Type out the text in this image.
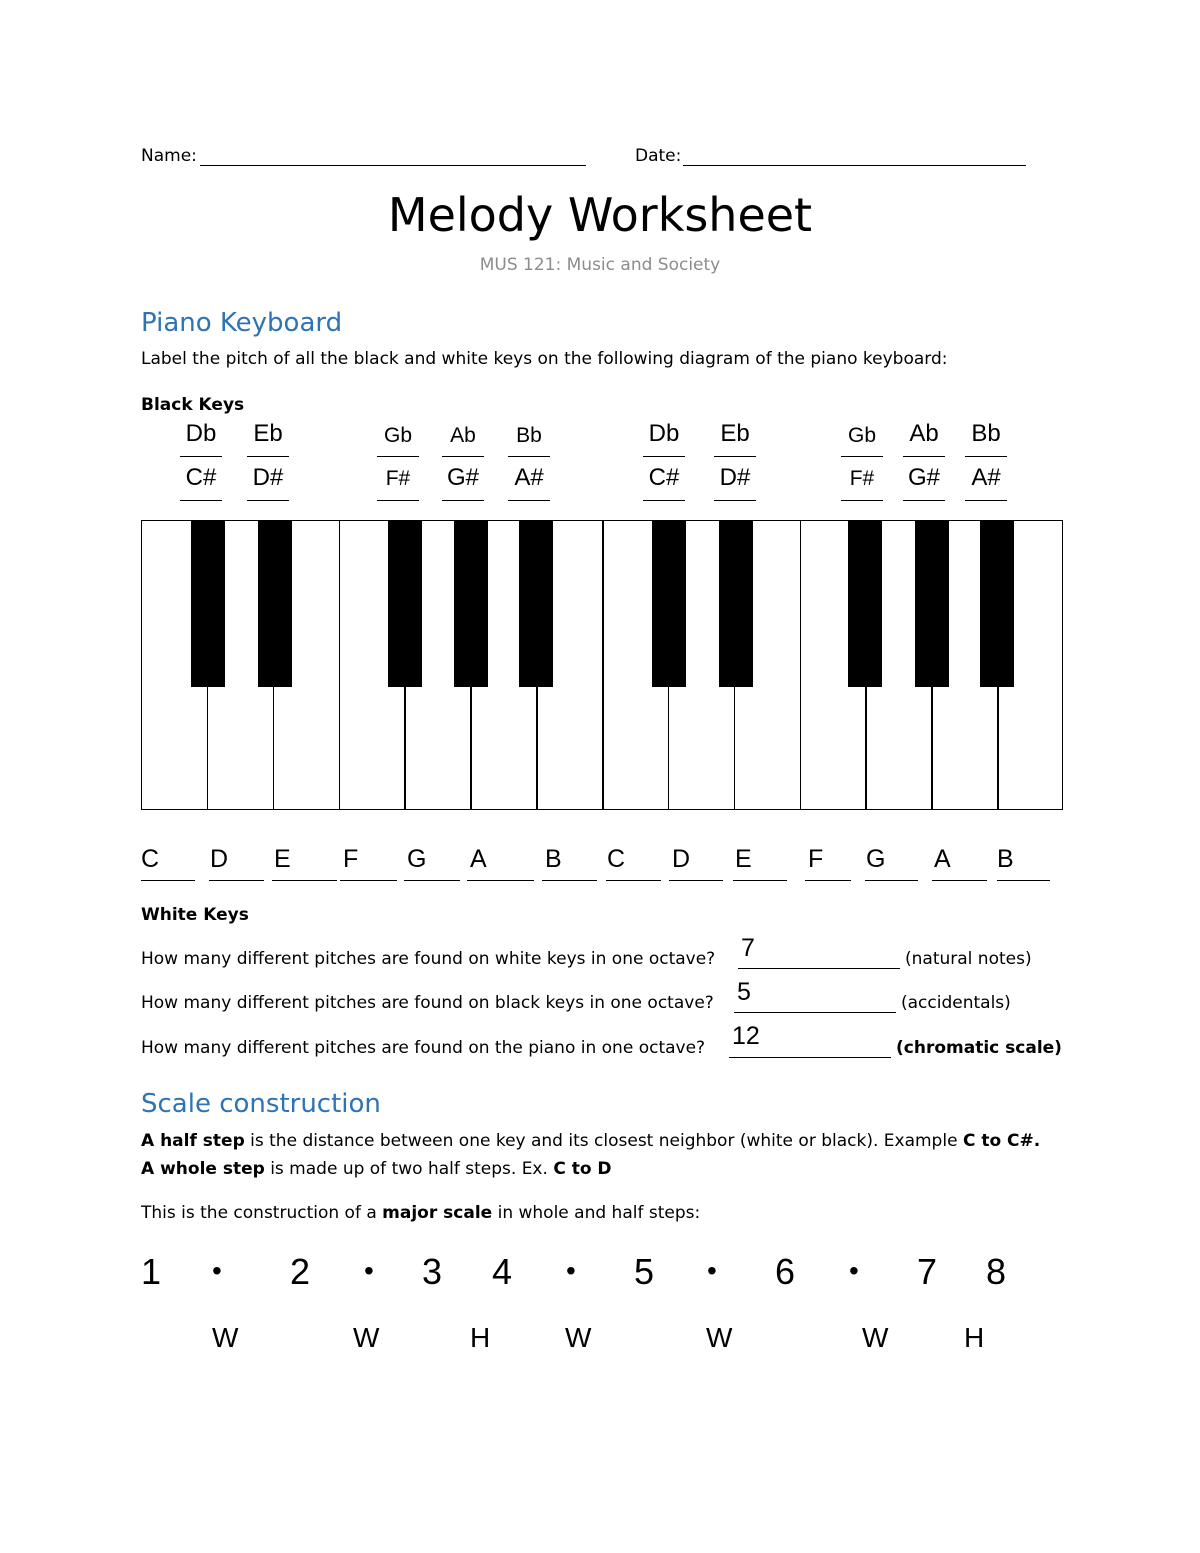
Name:	Date:
Melody Worksheet
MUS 121: Music and Society
Piano Keyboard
Label the pitch of all the black and white keys on the following diagram of the piano keyboard:
Black Keys
Db
C#
Eb
D#
Gb
F#
Ab
G#
Bb
A#
Db
C#
Eb
D#
Gb
F#
Ab
G#
Bb
A#
C D E F G A B C D E F G A B
White Keys
How many different pitches are found on white keys in one octave? 7	(natural notes)
How many different pitches are found on black keys in one octave? 5	(accidentals)
How many different pitches are found on the piano in one octave? 12	(chromatic scale)
Scale construction
A half step is the distance between one key and its closest neighbor (white or black). Example C to C#.
A whole step is made up of two half steps. Ex. C to D
This is the construction of a major scale in whole and half steps:
1	2	3 4	5	6	7 8
•	•	•	•	•
W	W	H	W	W	W	H
